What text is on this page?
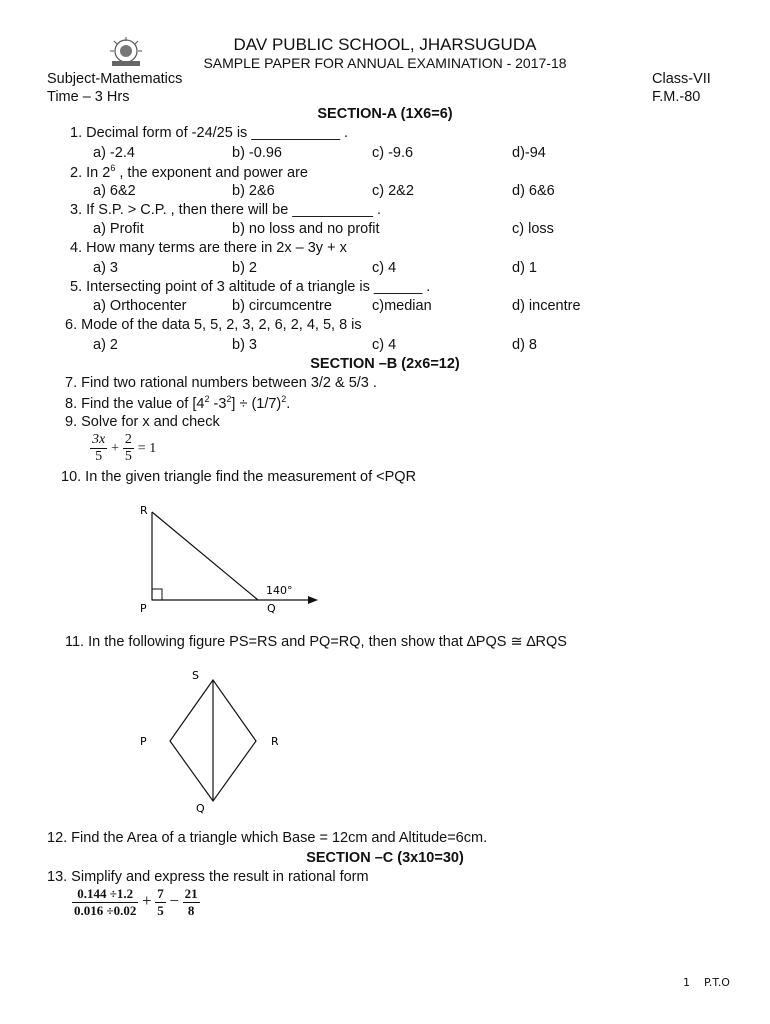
DAV PUBLIC SCHOOL, JHARSUGUDA
SAMPLE PAPER FOR ANNUAL EXAMINATION - 2017-18
Subject-Mathematics	Class-VII
Time – 3 Hrs	F.M.-80
SECTION-A (1X6=6)
1. Decimal form of -24/25 is ___________ .
a) -2.4	b) -0.96	c) -9.6	d)-94
2. In $2^6$ , the exponent and power are
a) 6&2	b) 2&6	c) 2&2	d) 6&6
3. If S.P. > C.P. , then there will be __________ .
a) Profit	b) no loss and no profit	c) loss
4. How many terms are there in 2x – 3y + x
a) 3	b) 2	c) 4	d) 1
5. Intersecting point of 3 altitude of a triangle is ______ .
a) Orthocenter	b) circumcentre	c)median	d) incentre
6. Mode of the data 5, 5, 2, 3, 2, 6, 2, 4, 5, 8 is
a) 2	b) 3	c) 4	d) 8
SECTION –B (2x6=12)
7. Find two rational numbers between 3/2 & 5/3 .
8. Find the value of [$4^2$ $-3^2] \div (1/7)^2$.
9. Solve for x and check
$\frac{3x}{5} + \frac{2}{5} = 1$
10. In the given triangle find the measurement of <PQR
R
P	Q
140°
11. In the following figure PS=RS and PQ=RQ, then show that ∆PQS ≅ ∆RQS
S
P	R
Q
12. Find the Area of a triangle which Base = 12cm and Altitude=6cm.
SECTION –C (3x10=30)
13. Simplify and express the result in rational form
$\frac{0.144 \div 1.2}{0.016 \div 0.02} + \frac{7}{5} - \frac{21}{8}$
1    P.T.O
